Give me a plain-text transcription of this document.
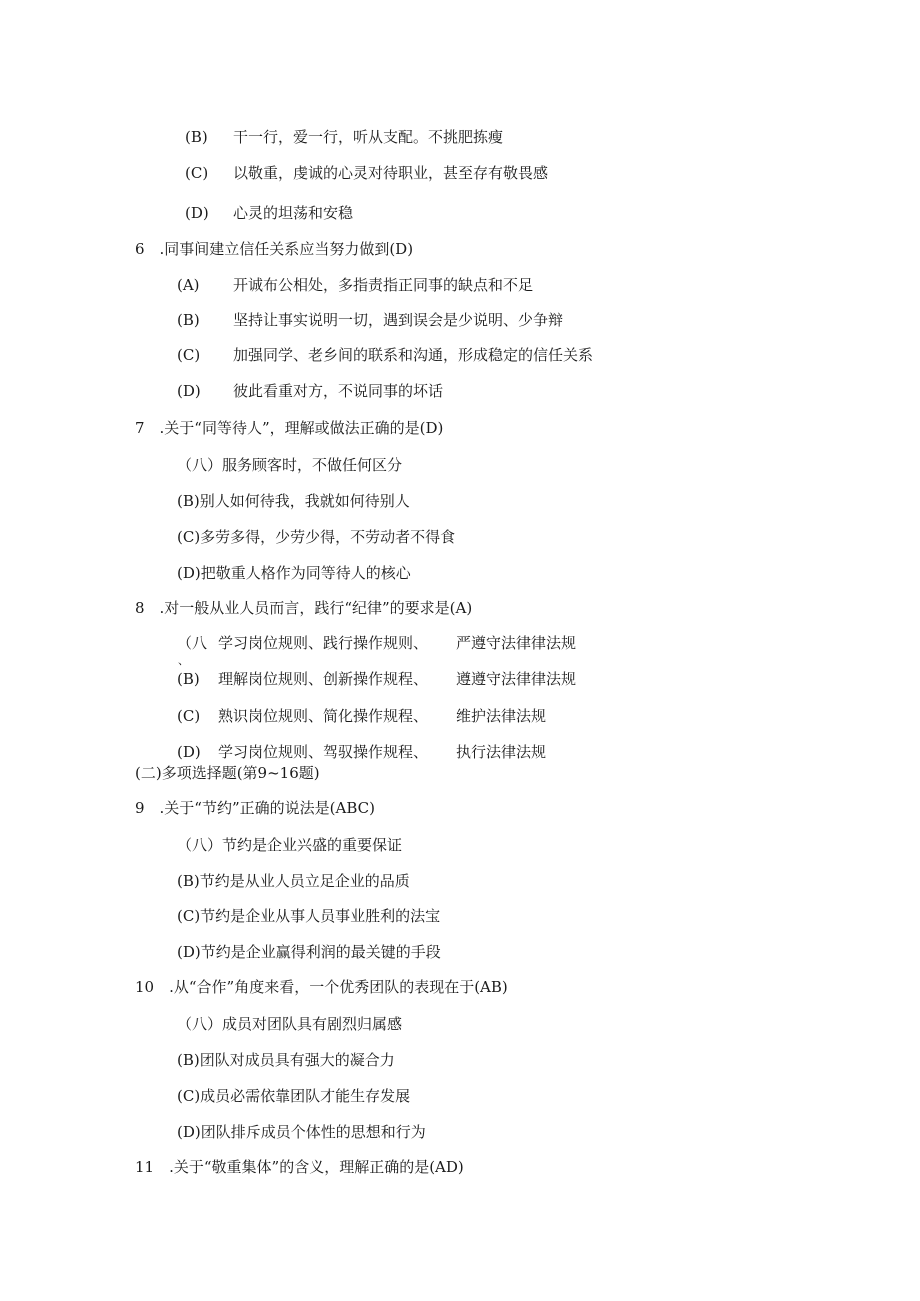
(B) 干一行，爱一行，听从支配。不挑肥拣瘦
(C) 以敬重，虔诚的心灵对待职业，甚至存有敬畏感
(D) 心灵的坦荡和安稳
6　.同事间建立信任关系应当努力做到(D)
(A) 开诚布公相处，多指责指正同事的缺点和不足
(B) 坚持让事实说明一切，遇到误会是少说明、少争辩
(C) 加强同学、老乡间的联系和沟通，形成稳定的信任关系
(D) 彼此看重对方，不说同事的坏话
7　.关于“同等待人”，理解或做法正确的是(D)
（八）服务顾客时，不做任何区分
(B)别人如何待我，我就如何待别人
(C)多劳多得，少劳少得，不劳动者不得食
(D)把敬重人格作为同等待人的核心
8　.对一般从业人员而言，践行“纪律”的要求是(A)
（八 学习岗位规则、践行操作规则、 严遵守法律律法规
、
(B) 理解岗位规则、创新操作规程、 遵遵守法律律法规
(C) 熟识岗位规则、简化操作规程、 维护法律法规
(D) 学习岗位规则、驾驭操作规程、 执行法律法规
(二)多项选择题(第9~16题)
9　.关于“节约”正确的说法是(ABC)
（八）节约是企业兴盛的重要保证
(B)节约是从业人员立足企业的品质
(C)节约是企业从事人员事业胜利的法宝
(D)节约是企业赢得利润的最关键的手段
10　.从“合作”角度来看，一个优秀团队的表现在于(AB)
（八）成员对团队具有剧烈归属感
(B)团队对成员具有强大的凝合力
(C)成员必需依靠团队才能生存发展
(D)团队排斥成员个体性的思想和行为
11　.关于“敬重集体”的含义，理解正确的是(AD)
